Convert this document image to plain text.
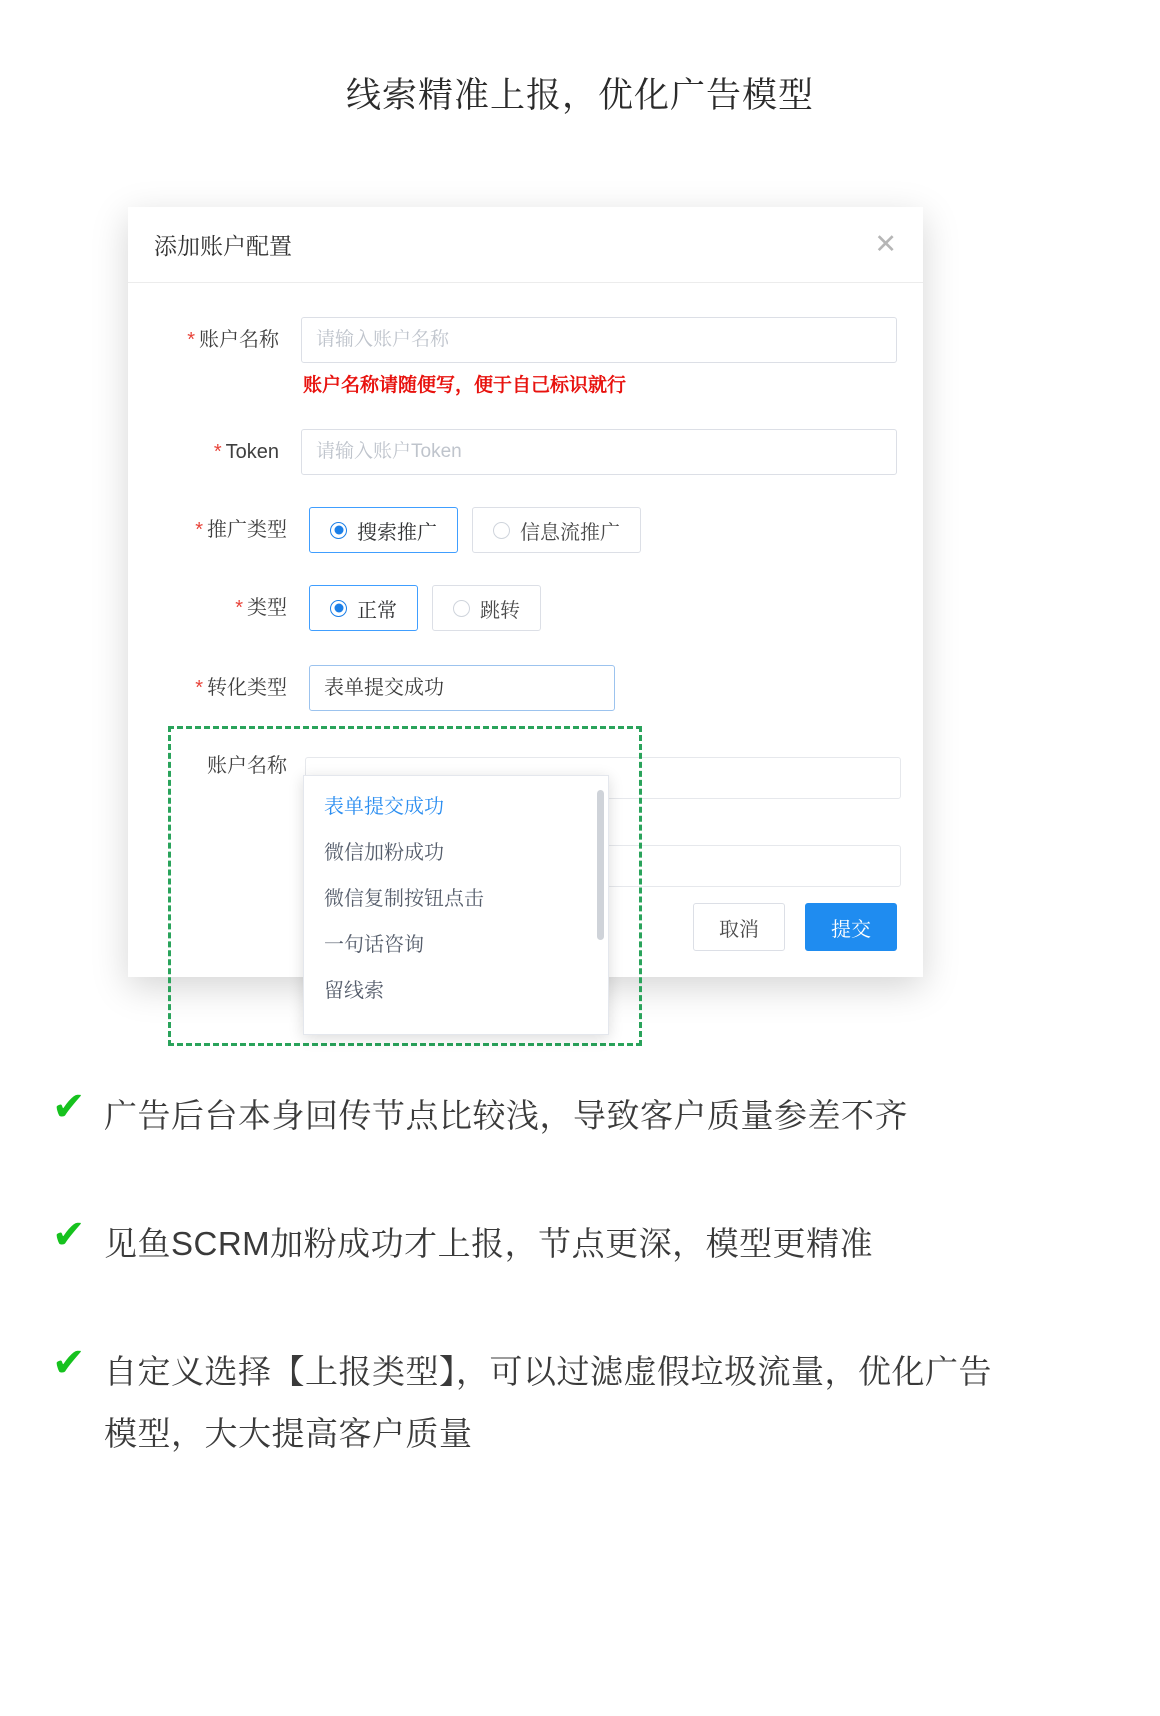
线索精准上报，优化广告模型
添加账户配置	✕
* 账户名称
请输入账户名称
账户名称请随便写，便于自己标识就行
* Token
请输入账户Token
* 推广类型	搜索推广	信息流推广
* 类型	正常	跳转
* 转化类型	表单提交成功
账户名称
表单提交成功
微信加粉成功
微信复制按钮点击
一句话咨询
留线索
取消	提交
✔ 广告后台本身回传节点比较浅，导致客户质量参差不齐
✔ 见鱼SCRM加粉成功才上报，节点更深，模型更精准
✔ 自定义选择【上报类型】，可以过滤虚假垃圾流量，优化广告模型，大大提高客户质量
